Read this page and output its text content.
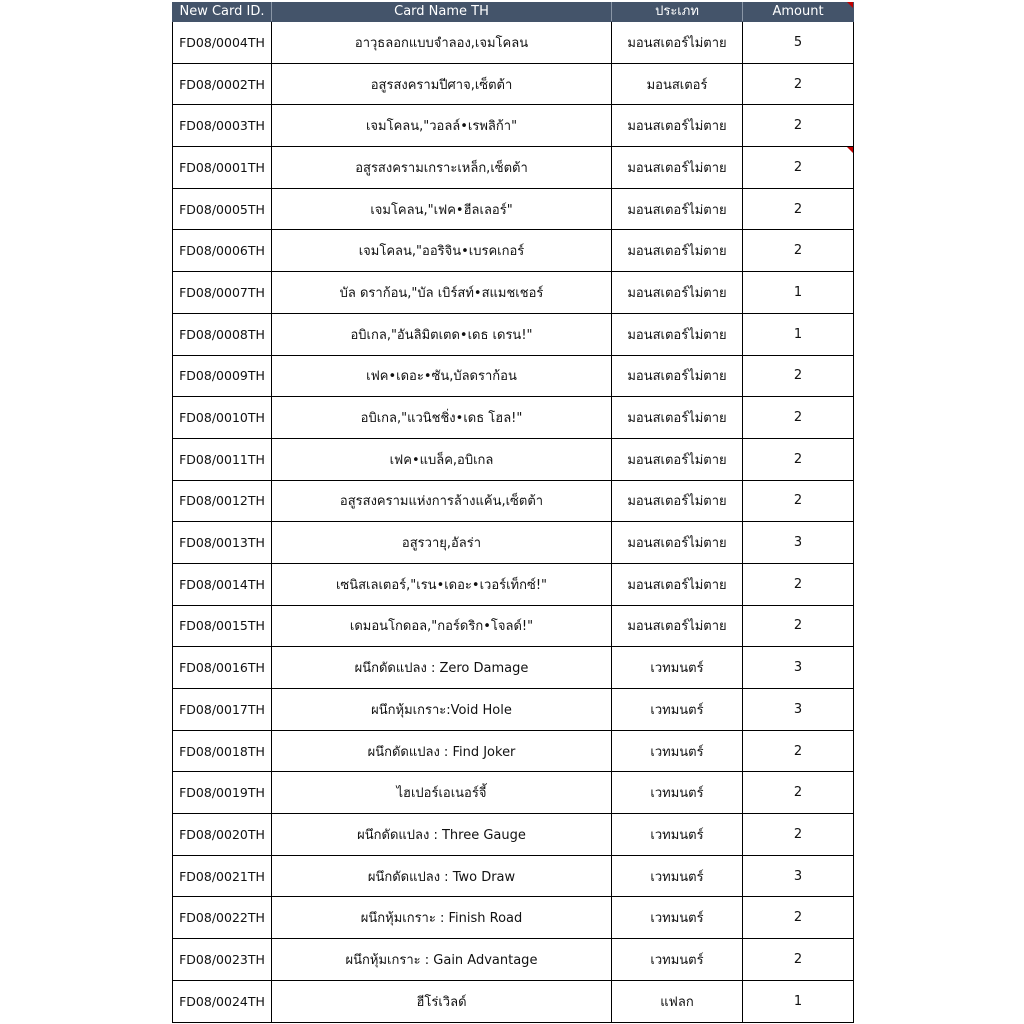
New Card ID.	Card Name TH	ประเภท	Amount
FD08/0004TH	อาวุธลอกแบบจำลอง,เจมโคลน	มอนสเตอร์ไม่ตาย	5
FD08/0002TH	อสูรสงครามปีศาจ,เซ็ตต้า	มอนสเตอร์	2
FD08/0003TH	เจมโคลน,"วอลล์•เรพลิก้า"	มอนสเตอร์ไม่ตาย	2
FD08/0001TH	อสูรสงครามเกราะเหล็ก,เซ็ตต้า	มอนสเตอร์ไม่ตาย	2
FD08/0005TH	เจมโคลน,"เฟค•ฮีลเลอร์"	มอนสเตอร์ไม่ตาย	2
FD08/0006TH	เจมโคลน,"ออริจิน•เบรคเกอร์	มอนสเตอร์ไม่ตาย	2
FD08/0007TH	บัล ดราก้อน,"บัล เบิร์สท์•สแมชเชอร์	มอนสเตอร์ไม่ตาย	1
FD08/0008TH	อบิเกล,"อันลิมิตเตด•เดธ เดรน!"	มอนสเตอร์ไม่ตาย	1
FD08/0009TH	เฟค•เดอะ•ซัน,บัลดราก้อน	มอนสเตอร์ไม่ตาย	2
FD08/0010TH	อบิเกล,"แวนิชชิ่ง•เดธ โฮล!"	มอนสเตอร์ไม่ตาย	2
FD08/0011TH	เฟค•แบล็ค,อบิเกล	มอนสเตอร์ไม่ตาย	2
FD08/0012TH	อสูรสงครามแห่งการล้างแค้น,เซ็ตต้า	มอนสเตอร์ไม่ตาย	2
FD08/0013TH	อสูรวายุ,อัลร่า	มอนสเตอร์ไม่ตาย	3
FD08/0014TH	เซนิสเลเตอร์,"เรน•เดอะ•เวอร์เท็กซ์!"	มอนสเตอร์ไม่ตาย	2
FD08/0015TH	เดมอนโกดอล,"กอร์ดริก•โจลด์!"	มอนสเตอร์ไม่ตาย	2
FD08/0016TH	ผนึกดัดแปลง : Zero Damage	เวทมนตร์	3
FD08/0017TH	ผนึกหุ้มเกราะ:Void Hole	เวทมนตร์	3
FD08/0018TH	ผนึกดัดแปลง : Find Joker	เวทมนตร์	2
FD08/0019TH	ไฮเปอร์เอเนอร์จี้	เวทมนตร์	2
FD08/0020TH	ผนึกดัดแปลง : Three Gauge	เวทมนตร์	2
FD08/0021TH	ผนึกดัดแปลง : Two Draw	เวทมนตร์	3
FD08/0022TH	ผนึกหุ้มเกราะ : Finish Road	เวทมนตร์	2
FD08/0023TH	ผนึกหุ้มเกราะ : Gain Advantage	เวทมนตร์	2
FD08/0024TH	ฮีโร่เวิลด์	แฟลก	1
